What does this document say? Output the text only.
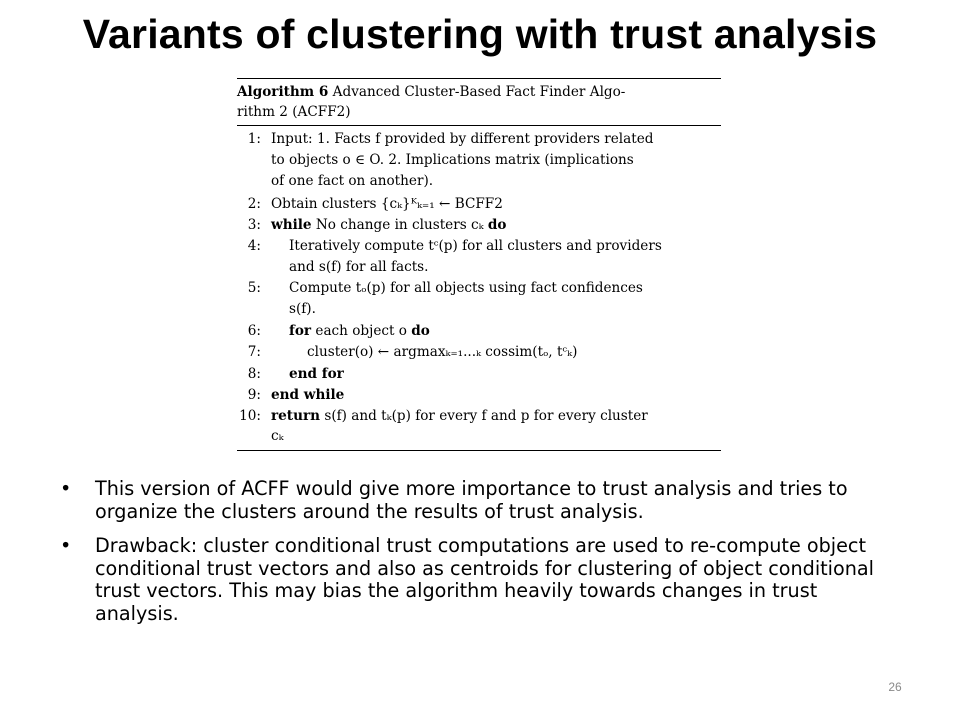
Variants of clustering with trust analysis
Algorithm 6 Advanced Cluster-Based Fact Finder Algo-
rithm 2 (ACFF2)
1: Input: 1. Facts f provided by different providers related
to objects o ∈ O. 2. Implications matrix (implications
of one fact on another).
2: Obtain clusters {cₖ}ᴷₖ₌₁ ← BCFF2
3: while No change in clusters cₖ do
4: Iteratively compute tᶜ(p) for all clusters and providers
and s(f) for all facts.
5: Compute tₒ(p) for all objects using fact confidences
s(f).
6: for each object o do
7:	cluster(o) ← argmaxₖ₌₁...ₖ cossim(tₒ, tᶜₖ)
8: end for
9: end while
10: return s(f) and tₖ(p) for every f and p for every cluster
cₖ
•	This version of ACFF would give more importance to trust analysis and tries to organize the clusters around the results of trust analysis.
•	Drawback: cluster conditional trust computations are used to re-compute object conditional trust vectors and also as centroids for clustering of object conditional trust vectors. This may bias the algorithm heavily towards changes in trust analysis.
26
